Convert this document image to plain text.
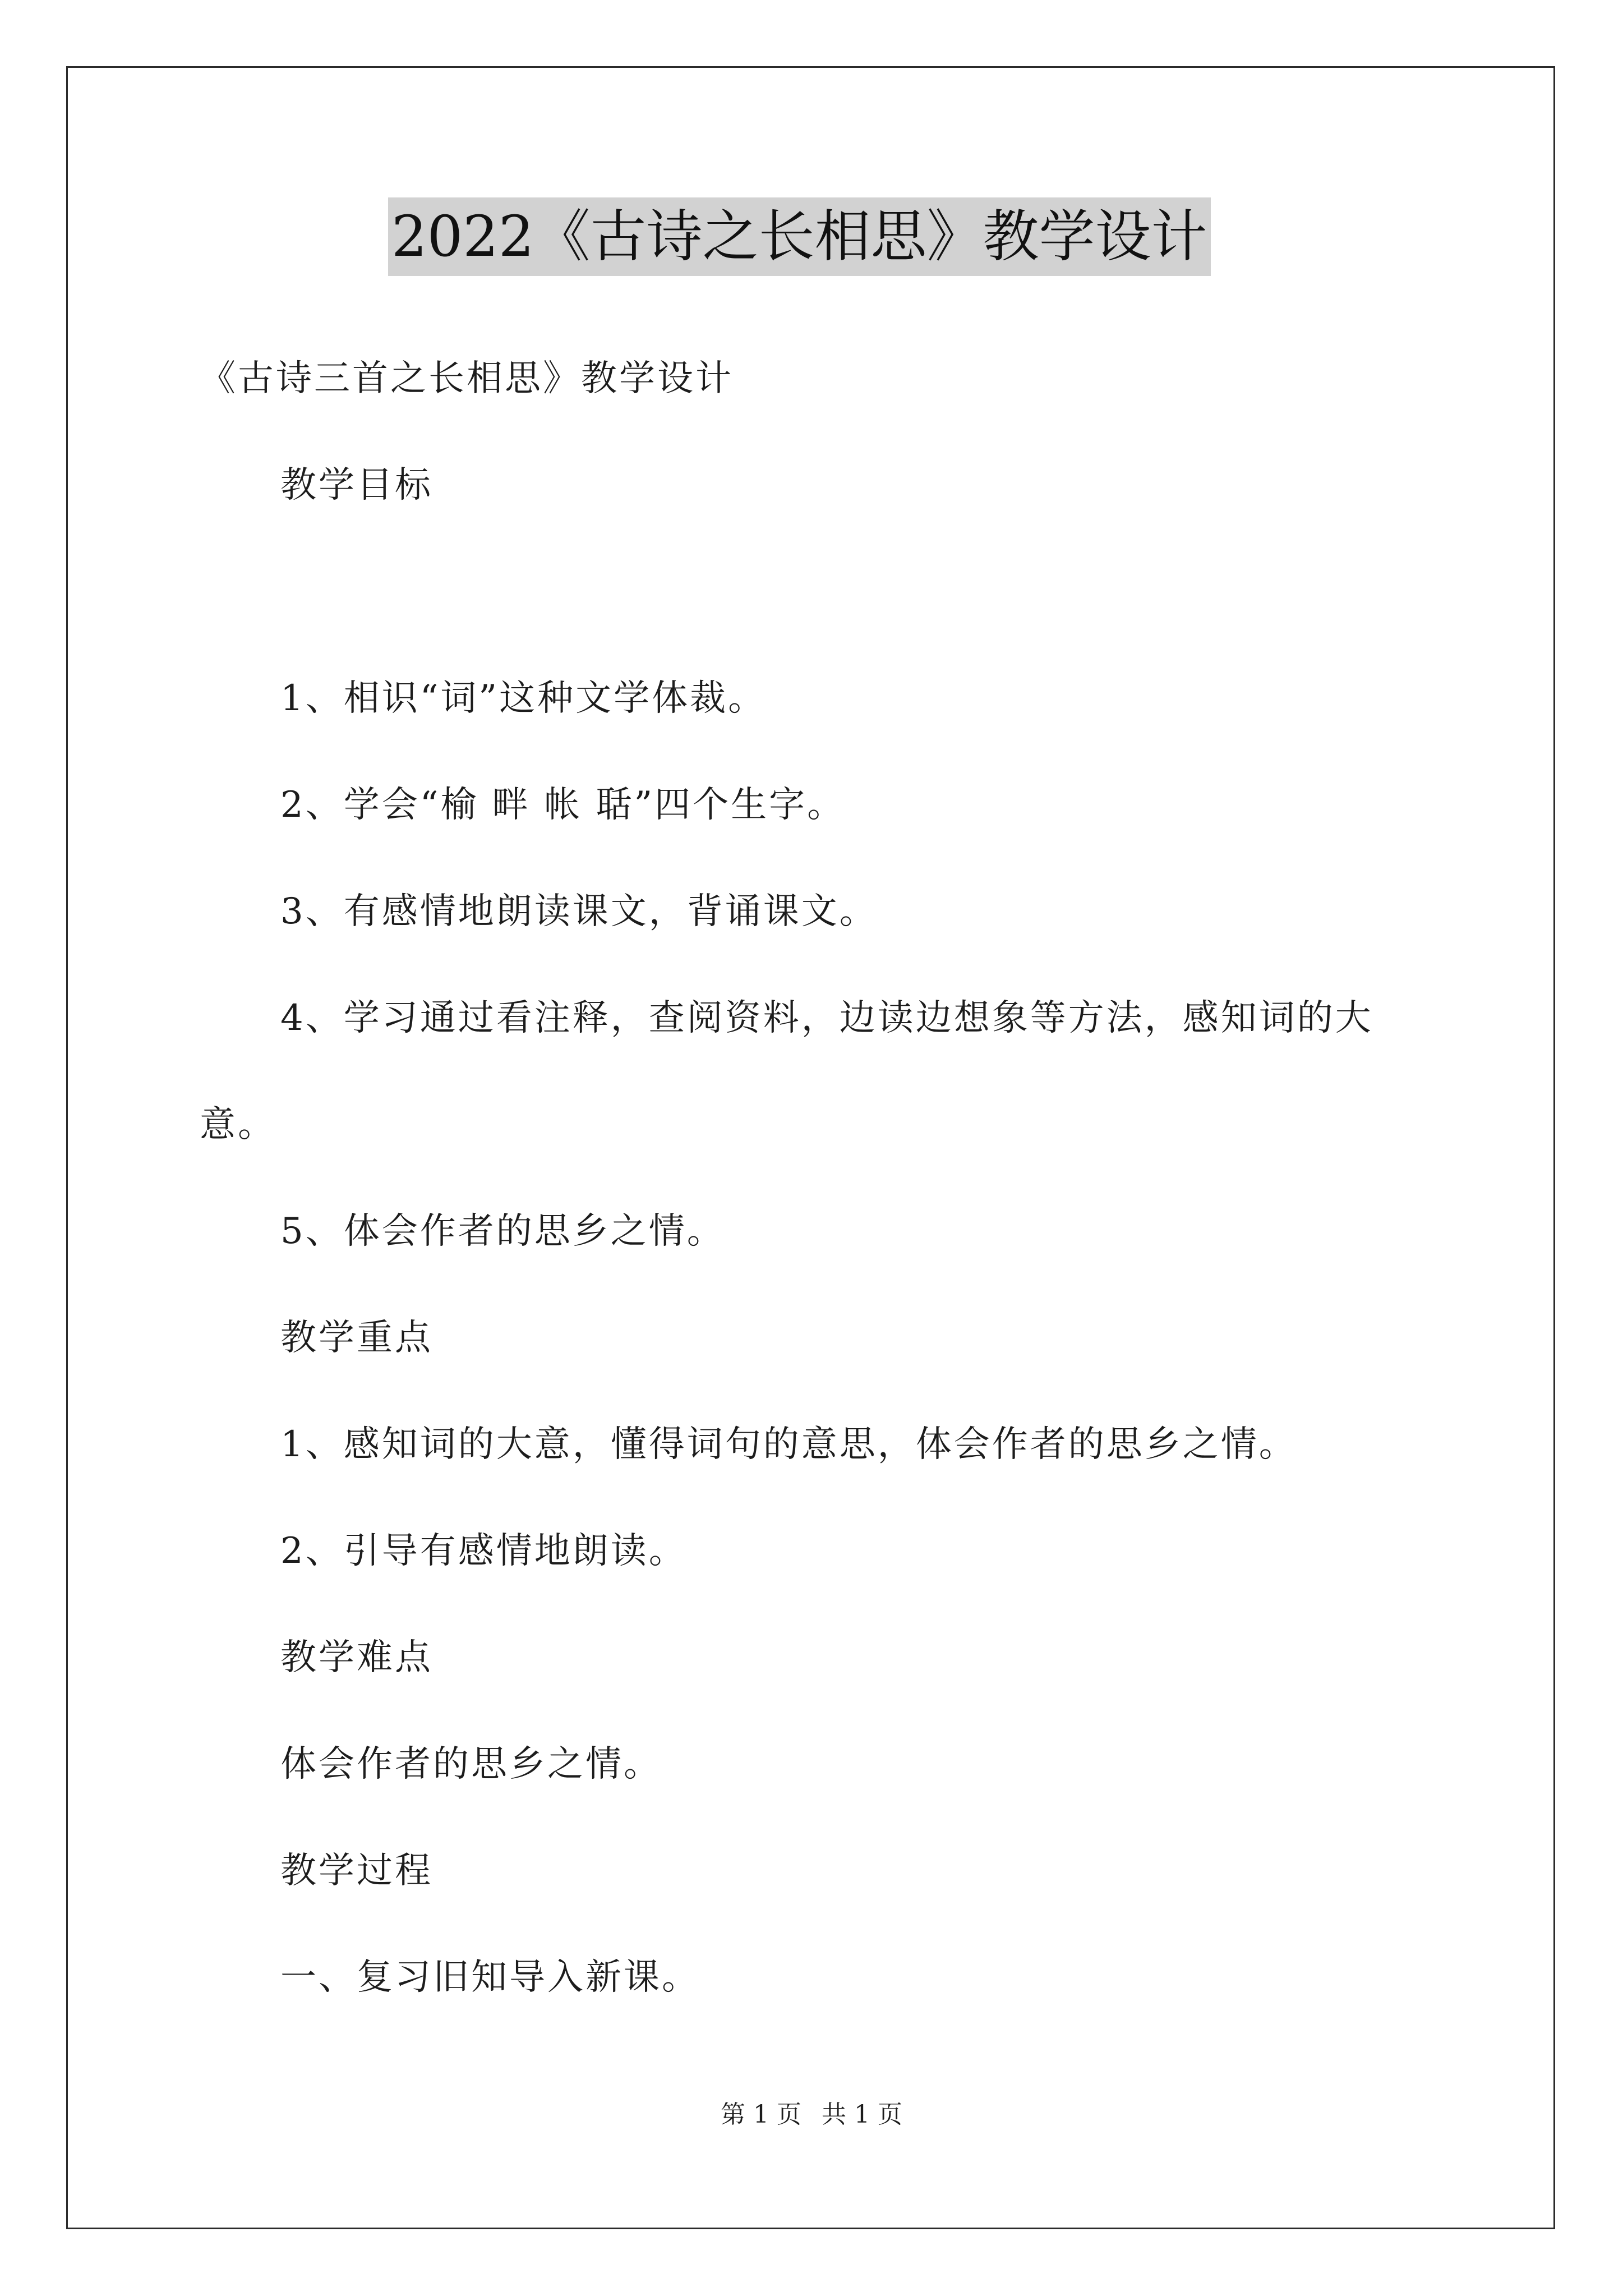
2022《古诗之长相思》教学设计
《古诗三首之长相思》教学设计
教学目标
1、相识“词”这种文学体裁。
2、学会“榆 畔 帐 聒”四个生字。
3、有感情地朗读课文，背诵课文。
4、学习通过看注释，查阅资料，边读边想象等方法，感知词的大
意。
5、体会作者的思乡之情。
教学重点
1、感知词的大意，懂得词句的意思，体会作者的思乡之情。
2、引导有感情地朗读。
教学难点
体会作者的思乡之情。
教学过程
一、复习旧知导入新课。
第 1 页 共 1 页
